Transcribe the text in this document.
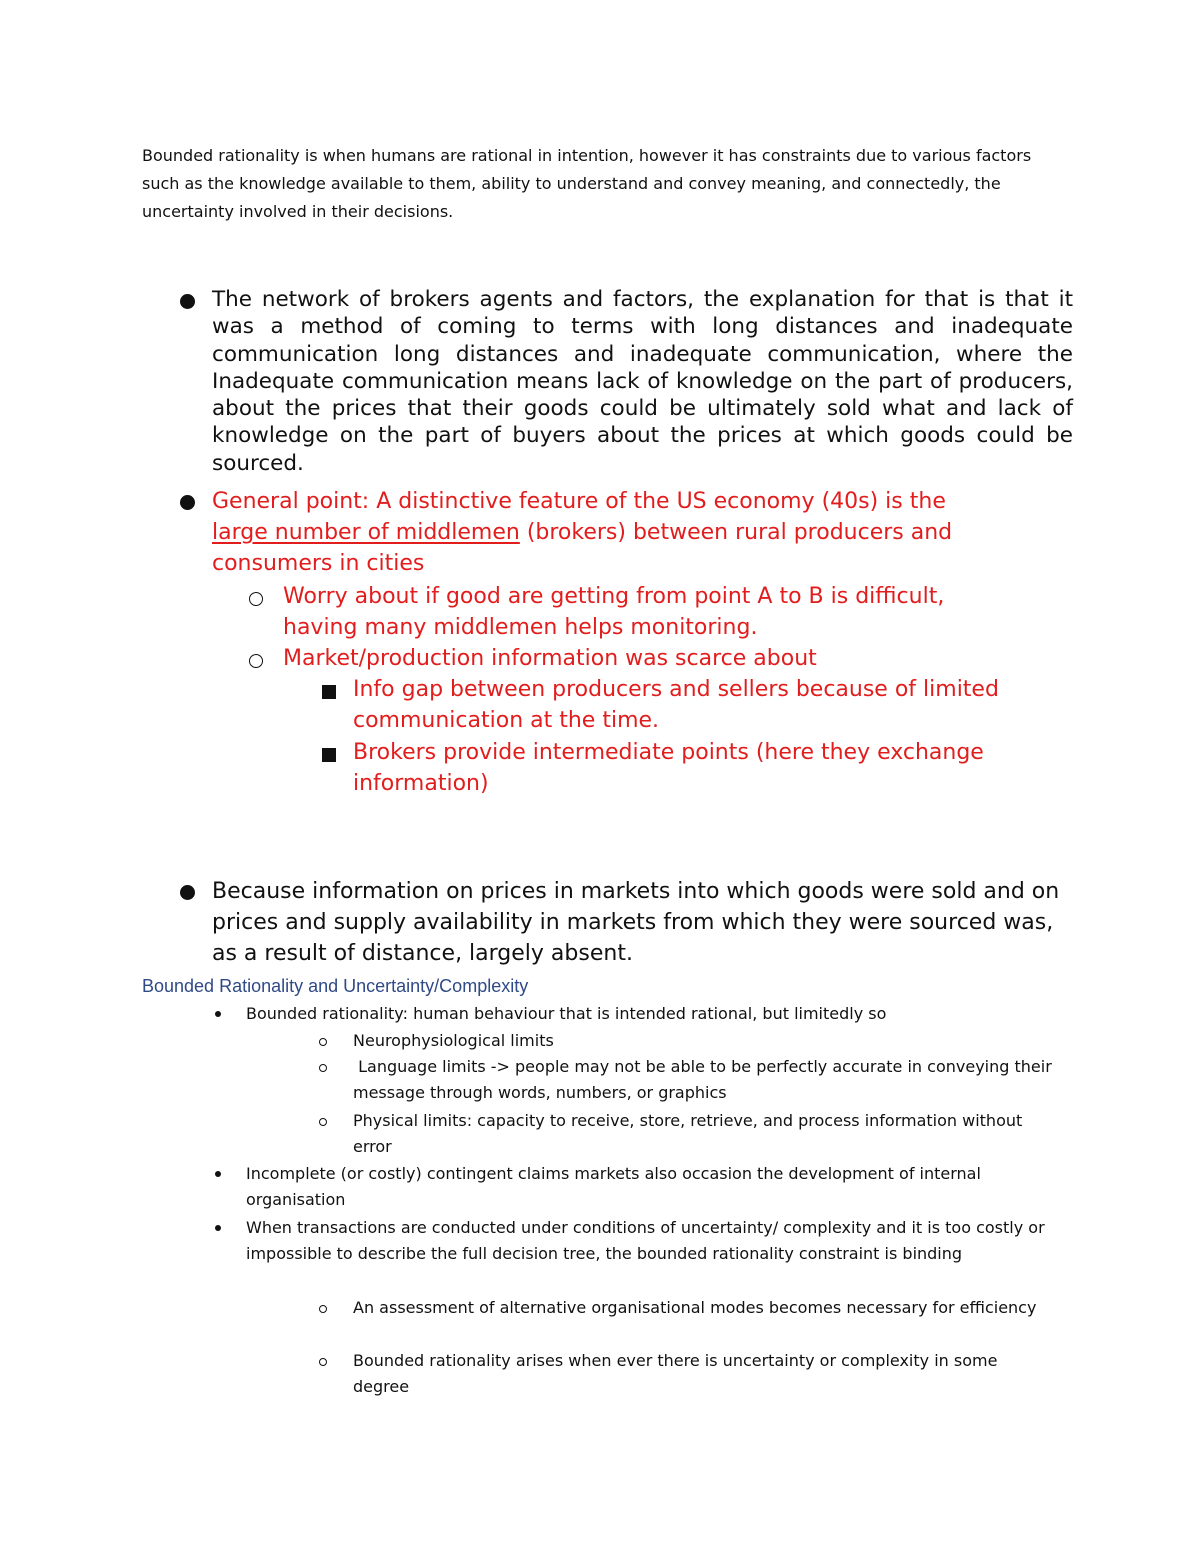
Bounded rationality is when humans are rational in intention, however it has constraints due to various factors such as the knowledge available to them, ability to understand and convey meaning, and connectedly, the uncertainty involved in their decisions.

The network of brokers agents and factors, the explanation for that is that it was a method of coming to terms with long distances and inadequate communication long distances and inadequate communication, where the Inadequate communication means lack of knowledge on the part of producers, about the prices that their goods could be ultimately sold what and lack of knowledge on the part of buyers about the prices at which goods could be sourced.

General point: A distinctive feature of the US economy (40s) is the
large number of middlemen (brokers) between rural producers and consumers in cities

Worry about if good are getting from point A to B is difficult, having many middlemen helps monitoring.

Market/production information was scarce about

Info gap between producers and sellers because of limited communication at the time.

Brokers provide intermediate points (here they exchange information)

Because information on prices in markets into which goods were sold and on prices and supply availability in markets from which they were sourced was, as a result of distance, largely absent.

Bounded Rationality and Uncertainty/Complexity

Bounded rationality: human behaviour that is intended rational, but limitedly so

Neurophysiological limits

Language limits -> people may not be able to be perfectly accurate in conveying their message through words, numbers, or graphics

Physical limits: capacity to receive, store, retrieve, and process information without error

Incomplete (or costly) contingent claims markets also occasion the development of internal organisation

When transactions are conducted under conditions of uncertainty/ complexity and it is too costly or impossible to describe the full decision tree, the bounded rationality constraint is binding

An assessment of alternative organisational modes becomes necessary for efficiency

Bounded rationality arises when ever there is uncertainty or complexity in some degree
